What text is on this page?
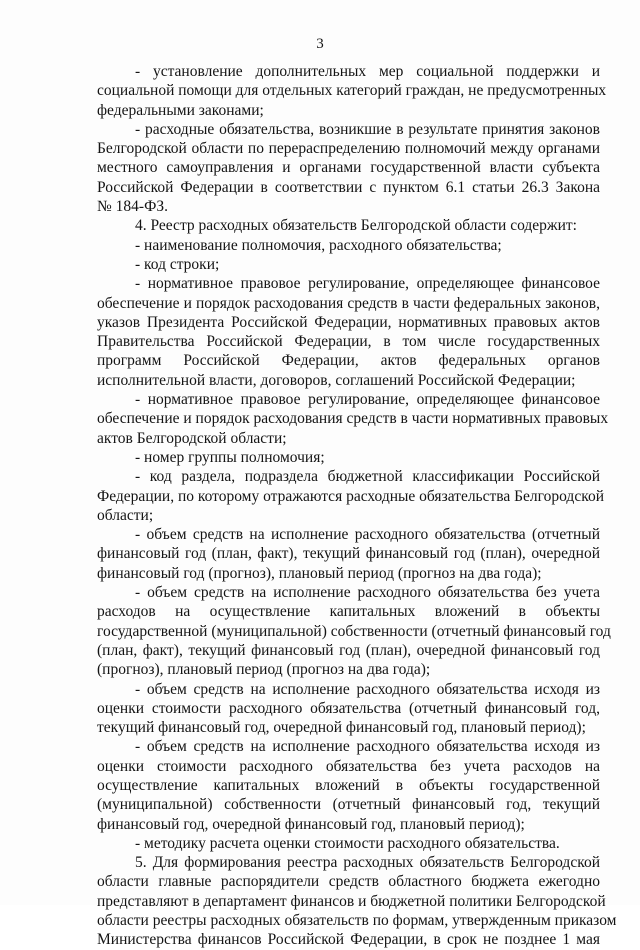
3
- установление дополнительных мер социальной поддержки и
социальной помощи для отдельных категорий граждан, не предусмотренных
федеральными законами;
- расходные обязательства, возникшие в результате принятия законов
Белгородской области по перераспределению полномочий между органами
местного самоуправления и органами государственной власти субъекта
Российской Федерации в соответствии с пунктом 6.1 статьи 26.3 Закона
№ 184-ФЗ.
4. Реестр расходных обязательств Белгородской области содержит:
- наименование полномочия, расходного обязательства;
- код строки;
- нормативное правовое регулирование, определяющее финансовое
обеспечение и порядок расходования средств в части федеральных законов,
указов Президента Российской Федерации, нормативных правовых актов
Правительства Российской Федерации, в том числе государственных
программ Российской Федерации, актов федеральных органов
исполнительной власти, договоров, соглашений Российской Федерации;
- нормативное правовое регулирование, определяющее финансовое
обеспечение и порядок расходования средств в части нормативных правовых
актов Белгородской области;
- номер группы полномочия;
- код раздела, подраздела бюджетной классификации Российской
Федерации, по которому отражаются расходные обязательства Белгородской
области;
- объем средств на исполнение расходного обязательства (отчетный
финансовый год (план, факт), текущий финансовый год (план), очередной
финансовый год (прогноз), плановый период (прогноз на два года);
- объем средств на исполнение расходного обязательства без учета
расходов на осуществление капитальных вложений в объекты
государственной (муниципальной) собственности (отчетный финансовый год
(план, факт), текущий финансовый год (план), очередной финансовый год
(прогноз), плановый период (прогноз на два года);
- объем средств на исполнение расходного обязательства исходя из
оценки стоимости расходного обязательства (отчетный финансовый год,
текущий финансовый год, очередной финансовый год, плановый период);
- объем средств на исполнение расходного обязательства исходя из
оценки стоимости расходного обязательства без учета расходов на
осуществление капитальных вложений в объекты государственной
(муниципальной) собственности (отчетный финансовый год, текущий
финансовый год, очередной финансовый год, плановый период);
- методику расчета оценки стоимости расходного обязательства.
5. Для формирования реестра расходных обязательств Белгородской
области главные распорядители средств областного бюджета ежегодно
представляют в департамент финансов и бюджетной политики Белгородской
области реестры расходных обязательств по формам, утвержденным приказом
Министерства финансов Российской Федерации, в срок не позднее 1 мая
